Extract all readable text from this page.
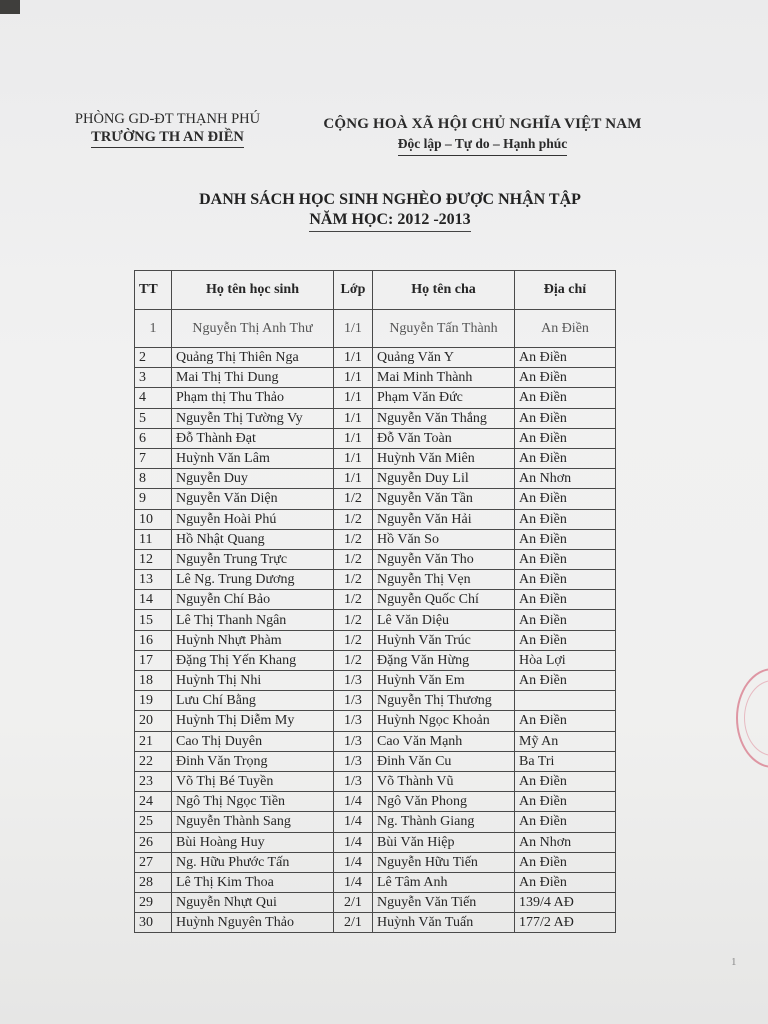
PHÒNG GD-ĐT THẠNH PHÚ
TRƯỜNG TH AN ĐIỀN
CỘNG HOÀ XÃ HỘI CHỦ NGHĨA VIỆT NAM
Độc lập – Tự do – Hạnh phúc
DANH SÁCH HỌC SINH NGHÈO ĐƯỢC NHẬN TẬP
NĂM HỌC: 2012 -2013
TT	Họ tên học sinh	Lớp	Họ tên cha	Địa chỉ
1	Nguyễn Thị Anh Thư	1/1	Nguyễn Tấn Thành	An Điền
2	Quảng Thị Thiên Nga	1/1	Quảng Văn Y	An Điền
3	Mai Thị Thi Dung	1/1	Mai Minh Thành	An Điền
4	Phạm thị Thu Thảo	1/1	Phạm Văn Đức	An Điền
5	Nguyễn Thị Tường Vy	1/1	Nguyễn Văn Thắng	An Điền
6	Đỗ Thành Đạt	1/1	Đỗ Văn Toàn	An Điền
7	Huỳnh Văn Lâm	1/1	Huỳnh Văn Miên	An Điền
8	Nguyễn Duy	1/1	Nguyễn Duy Lil	An Nhơn
9	Nguyễn Văn Diện	1/2	Nguyễn Văn Tần	An Điền
10	Nguyễn Hoài Phú	1/2	Nguyễn Văn Hải	An Điền
11	Hồ Nhật Quang	1/2	Hồ Văn So	An Điền
12	Nguyễn Trung Trực	1/2	Nguyễn Văn Tho	An Điền
13	Lê Ng. Trung Dương	1/2	Nguyễn Thị Vẹn	An Điền
14	Nguyễn Chí Bảo	1/2	Nguyễn Quốc Chí	An Điền
15	Lê Thị Thanh Ngân	1/2	Lê Văn Diệu	An Điền
16	Huỳnh Nhựt Phàm	1/2	Huỳnh Văn Trúc	An Điền
17	Đặng Thị Yến Khang	1/2	Đặng Văn Hừng	Hòa Lợi
18	Huỳnh Thị Nhi	1/3	Huỳnh Văn Em	An Điền
19	Lưu Chí Bằng	1/3	Nguyễn Thị Thương	
20	Huỳnh Thị Diễm My	1/3	Huỳnh Ngọc Khoản	An Điền
21	Cao Thị Duyên	1/3	Cao Văn Mạnh	Mỹ An
22	Đinh Văn Trọng	1/3	Đinh Văn Cu	Ba Tri
23	Võ Thị Bé Tuyền	1/3	Võ Thành Vũ	An Điền
24	Ngô Thị Ngọc Tiền	1/4	Ngô Văn Phong	An Điền
25	Nguyễn Thành Sang	1/4	Ng. Thành Giang	An Điền
26	Bùi Hoàng Huy	1/4	Bùi Văn Hiệp	An Nhơn
27	Ng. Hữu Phước Tấn	1/4	Nguyễn Hữu Tiến	An Điền
28	Lê Thị Kim Thoa	1/4	Lê Tâm Anh	An Điền
29	Nguyễn Nhựt Qui	2/1	Nguyễn Văn Tiến	139/4 AĐ
30	Huỳnh Nguyên Thảo	2/1	Huỳnh Văn Tuấn	177/2 AĐ
1
